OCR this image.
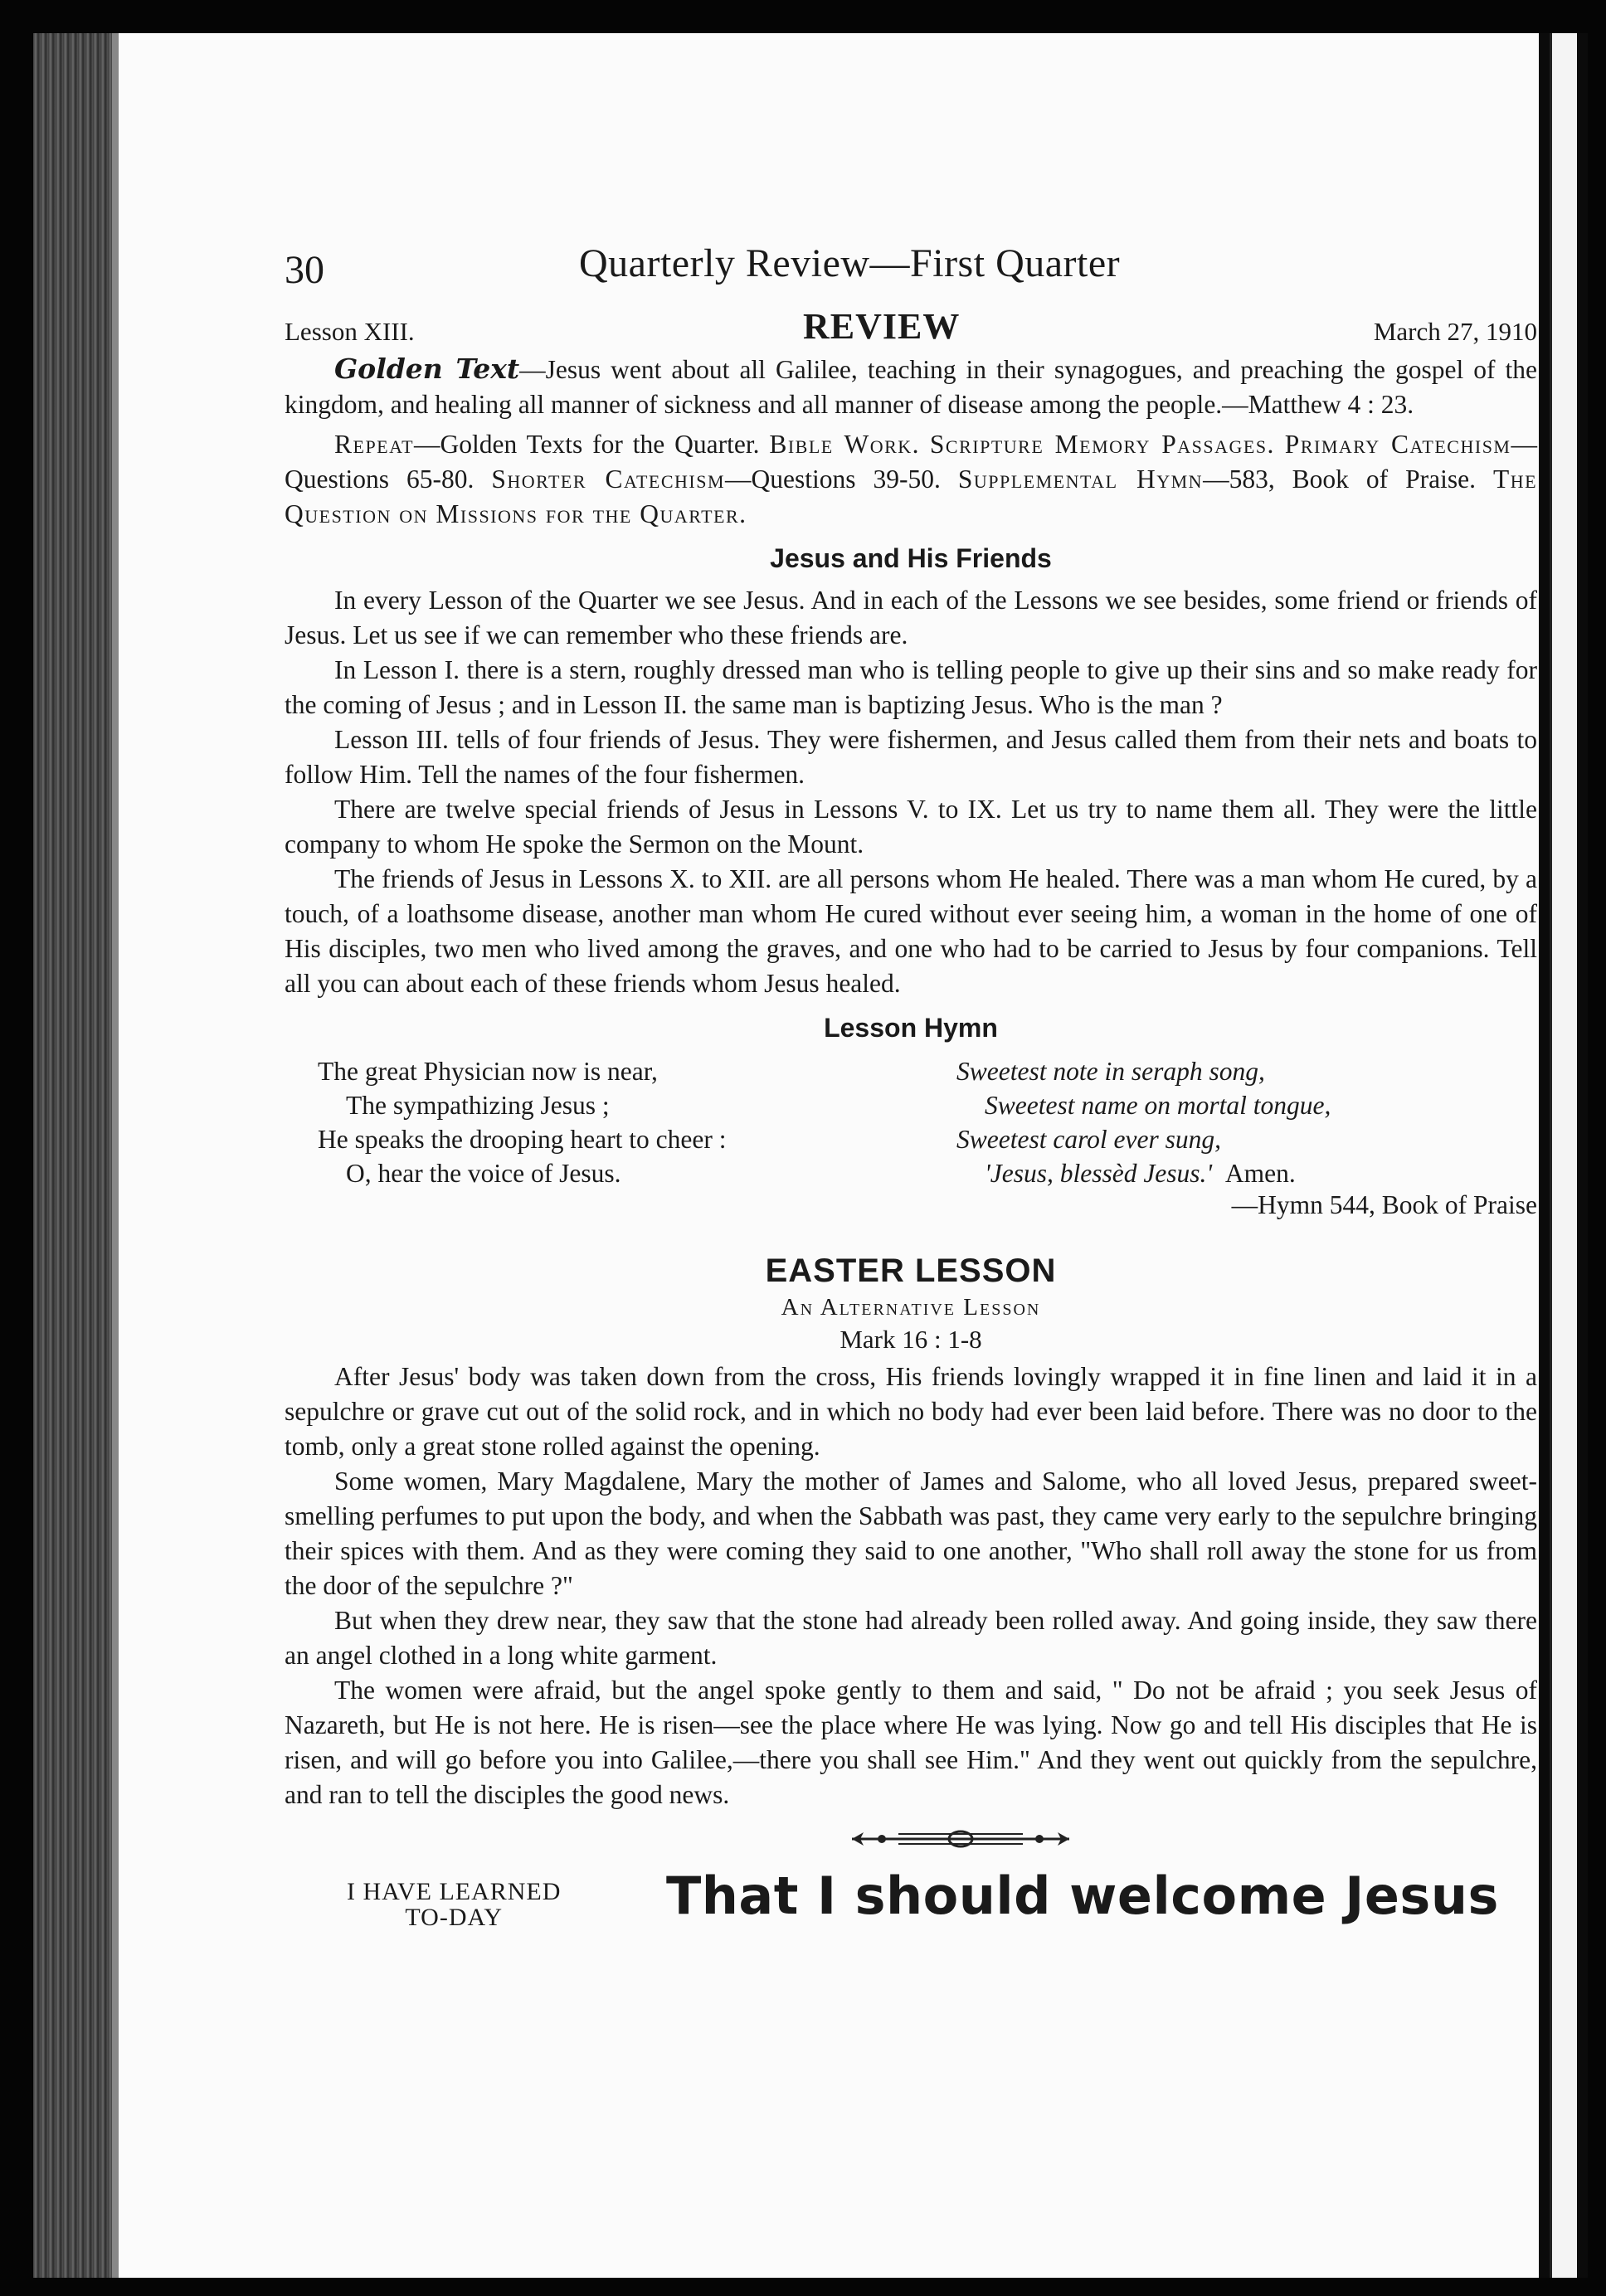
30	Quarterly Review—First Quarter
Lesson XIII.	REVIEW	March 27, 1910

Golden Text—Jesus went about all Galilee, teaching in their synagogues, and preaching the gospel of the kingdom, and healing all manner of sickness and all manner of disease among the people.—Matthew 4 : 23.

Repeat—Golden Texts for the Quarter. Bible Work. Scripture Memory Passages. Primary Catechism—Questions 65-80. Shorter Catechism—Questions 39-50. Supplemental Hymn—583, Book of Praise. The Question on Missions for the Quarter.

Jesus and His Friends

In every Lesson of the Quarter we see Jesus. And in each of the Lessons we see besides, some friend or friends of Jesus. Let us see if we can remember who these friends are.

In Lesson I. there is a stern, roughly dressed man who is telling people to give up their sins and so make ready for the coming of Jesus ; and in Lesson II. the same man is baptizing Jesus. Who is the man ?

Lesson III. tells of four friends of Jesus. They were fishermen, and Jesus called them from their nets and boats to follow Him. Tell the names of the four fishermen.

There are twelve special friends of Jesus in Lessons V. to IX. Let us try to name them all. They were the little company to whom He spoke the Sermon on the Mount.

The friends of Jesus in Lessons X. to XII. are all persons whom He healed. There was a man whom He cured, by a touch, of a loathsome disease, another man whom He cured without ever seeing him, a woman in the home of one of His disciples, two men who lived among the graves, and one who had to be carried to Jesus by four companions. Tell all you can about each of these friends whom Jesus healed.

Lesson Hymn
The great Physician now is near,
The sympathizing Jesus ;
He speaks the drooping heart to cheer :
O, hear the voice of Jesus.
Sweetest note in seraph song,
Sweetest name on mortal tongue,
Sweetest carol ever sung,
'Jesus, blessèd Jesus.' Amen.
—Hymn 544, Book of Praise
EASTER LESSON
An Alternative Lesson
Mark 16 : 1-8

After Jesus' body was taken down from the cross, His friends lovingly wrapped it in fine linen and laid it in a sepulchre or grave cut out of the solid rock, and in which no body had ever been laid before. There was no door to the tomb, only a great stone rolled against the opening.

Some women, Mary Magdalene, Mary the mother of James and Salome, who all loved Jesus, prepared sweet-smelling perfumes to put upon the body, and when the Sabbath was past, they came very early to the sepulchre bringing their spices with them. And as they were coming they said to one another, "Who shall roll away the stone for us from the door of the sepulchre ?"

But when they drew near, they saw that the stone had already been rolled away. And going inside, they saw there an angel clothed in a long white garment.

The women were afraid, but the angel spoke gently to them and said, " Do not be afraid ; you seek Jesus of Nazareth, but He is not here. He is risen—see the place where He was lying. Now go and tell His disciples that He is risen, and will go before you into Galilee,—there you shall see Him." And they went out quickly from the sepulchre, and ran to tell the disciples the good news.

I HAVE LEARNED
TO-DAY	That I should welcome Jesus
